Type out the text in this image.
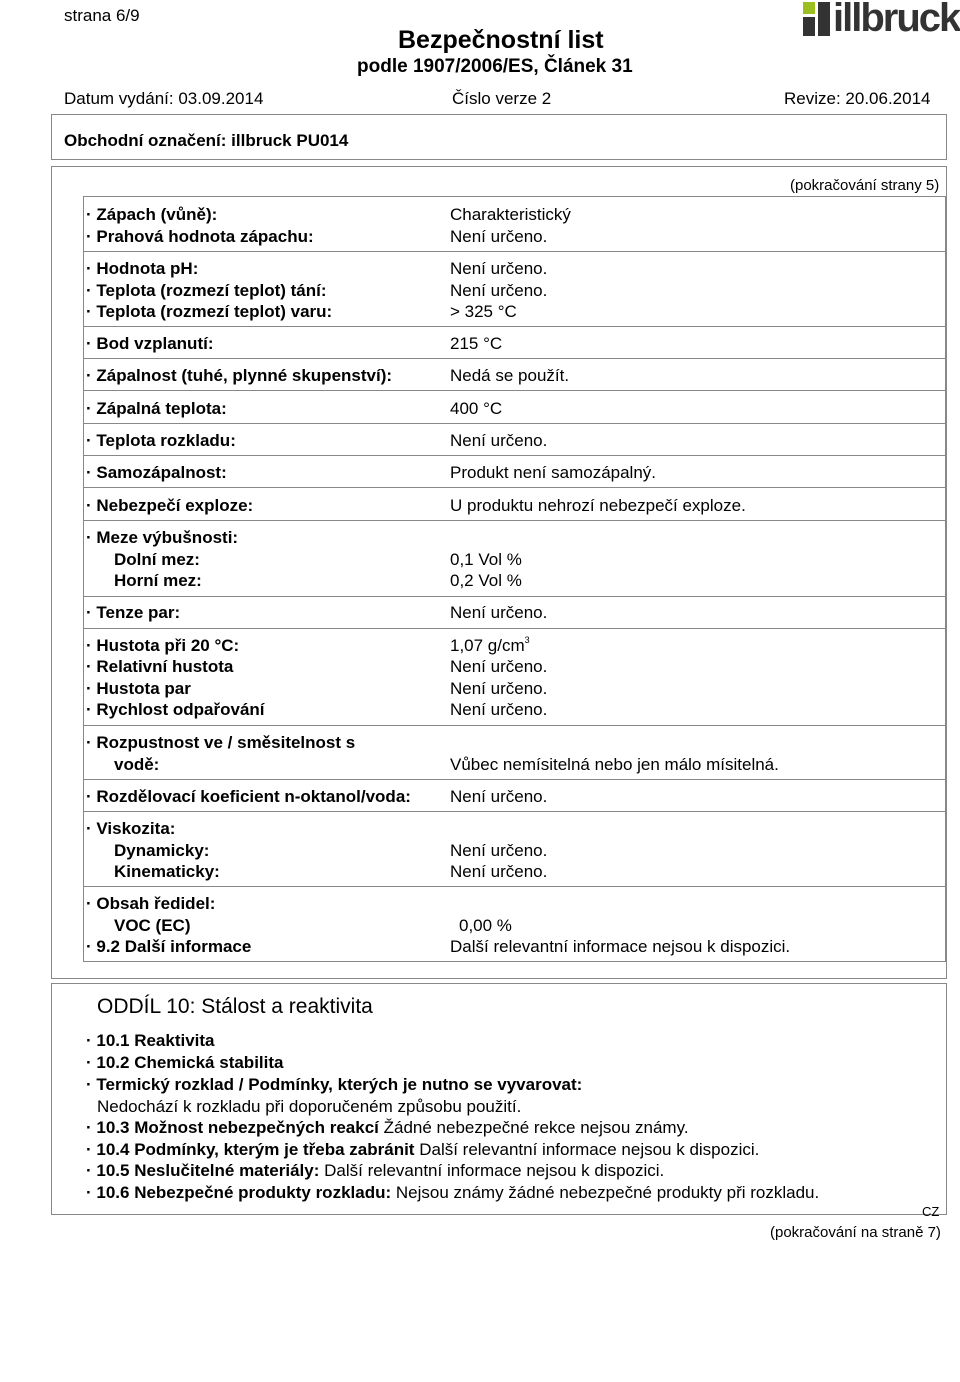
strana 6/9
Bezpečnostní list
podle 1907/2006/ES, Článek 31
illbruck
Datum vydání: 03.09.2014	Číslo verze 2	Revize: 20.06.2014
Obchodní označení: illbruck PU014
(pokračování strany 5)
· Zápach (vůně):	Charakteristický
· Prahová hodnota zápachu:	Není určeno.
· Hodnota pH:	Není určeno.
· Teplota (rozmezí teplot) tání:	Není určeno.
· Teplota (rozmezí teplot) varu:	> 325 °C
· Bod vzplanutí:	215 °C
· Zápalnost (tuhé, plynné skupenství):	Nedá se použít.
· Zápalná teplota:	400 °C
· Teplota rozkladu:	Není určeno.
· Samozápalnost:	Produkt není samozápalný.
· Nebezpečí exploze:	U produktu nehrozí nebezpečí exploze.
· Meze výbušnosti:
Dolní mez:	0,1 Vol %
Horní mez:	0,2 Vol %
· Tenze par:	Není určeno.
· Hustota při 20 °C:	1,07 $g/cm^3$
· Relativní hustota	Není určeno.
· Hustota par	Není určeno.
· Rychlost odpařování	Není určeno.
· Rozpustnost ve / směsitelnost s
vodě:	Vůbec nemísitelná nebo jen málo mísitelná.
· Rozdělovací koeficient n-oktanol/voda: Není určeno.
· Viskozita:
Dynamicky:	Není určeno.
Kinematicky:	Není určeno.
· Obsah ředidel:
VOC (EC)	0,00 %
· 9.2 Další informace	Další relevantní informace nejsou k dispozici.
ODDÍL 10: Stálost a reaktivita
· 10.1 Reaktivita
· 10.2 Chemická stabilita
· Termický rozklad / Podmínky, kterých je nutno se vyvarovat:
Nedochází k rozkladu při doporučeném způsobu použití.
· 10.3 Možnost nebezpečných reakcí Žádné nebezpečné rekce nejsou známy.
· 10.4 Podmínky, kterým je třeba zabránit Další relevantní informace nejsou k dispozici.
· 10.5 Neslučitelné materiály: Další relevantní informace nejsou k dispozici.
· 10.6 Nebezpečné produkty rozkladu: Nejsou známy žádné nebezpečné produkty při rozkladu.
CZ
(pokračování na straně 7)
